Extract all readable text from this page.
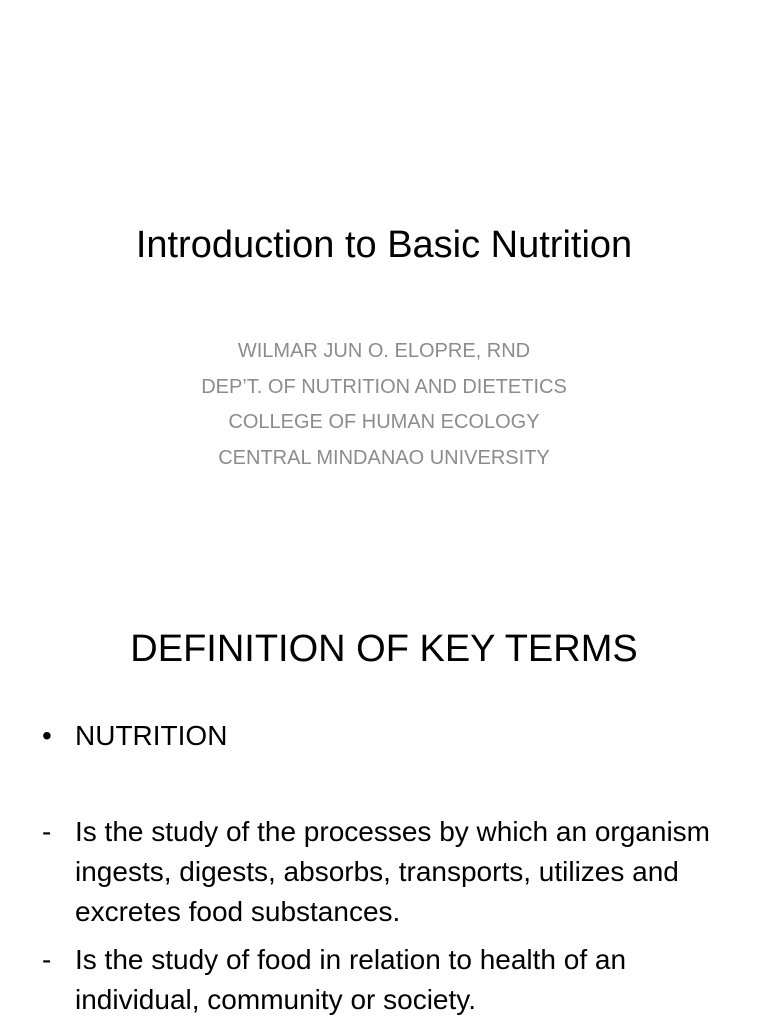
Introduction to Basic Nutrition
WILMAR JUN O. ELOPRE, RND
DEP’T. OF NUTRITION AND DIETETICS
COLLEGE OF HUMAN ECOLOGY
CENTRAL MINDANAO UNIVERSITY
DEFINITION OF KEY TERMS
• NUTRITION
- Is the study of the processes by which an organism ingests, digests, absorbs, transports, utilizes and excretes food substances.
- Is the study of food in relation to health of an individual, community or society.
